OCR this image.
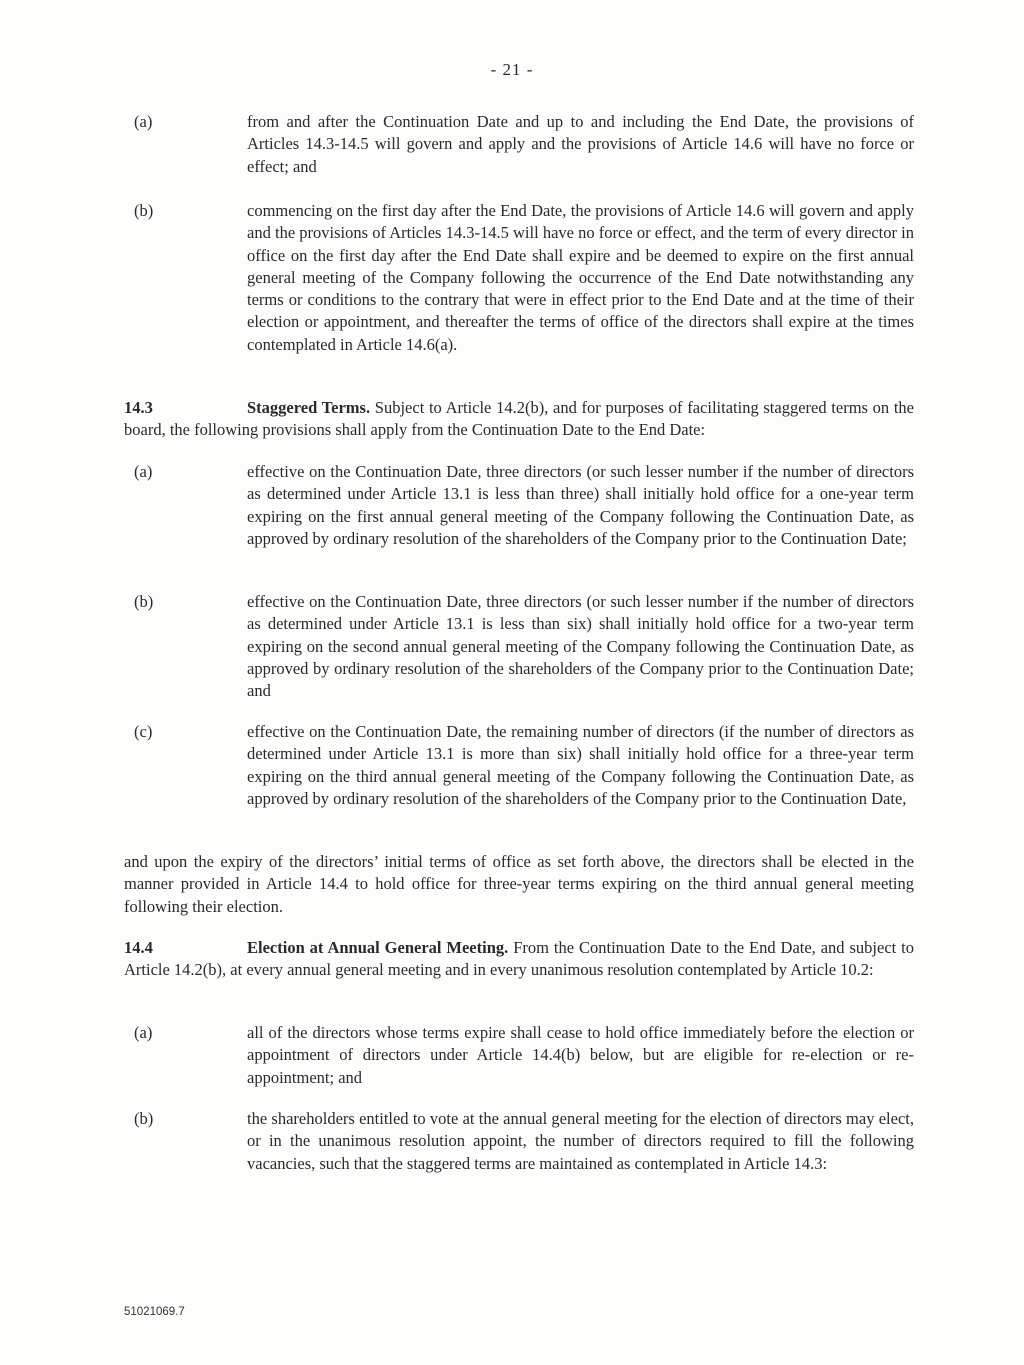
- 21 -
(a)	from and after the Continuation Date and up to and including the End Date, the provisions of Articles 14.3-14.5 will govern and apply and the provisions of Article 14.6 will have no force or effect; and
(b)	commencing on the first day after the End Date, the provisions of Article 14.6 will govern and apply and the provisions of Articles 14.3-14.5 will have no force or effect, and the term of every director in office on the first day after the End Date shall expire and be deemed to expire on the first annual general meeting of the Company following the occurrence of the End Date notwithstanding any terms or conditions to the contrary that were in effect prior to the End Date and at the time of their election or appointment, and thereafter the terms of office of the directors shall expire at the times contemplated in Article 14.6(a).
14.3	Staggered Terms. Subject to Article 14.2(b), and for purposes of facilitating staggered terms on the board, the following provisions shall apply from the Continuation Date to the End Date:
(a)	effective on the Continuation Date, three directors (or such lesser number if the number of directors as determined under Article 13.1 is less than three) shall initially hold office for a one-year term expiring on the first annual general meeting of the Company following the Continuation Date, as approved by ordinary resolution of the shareholders of the Company prior to the Continuation Date;
(b)	effective on the Continuation Date, three directors (or such lesser number if the number of directors as determined under Article 13.1 is less than six) shall initially hold office for a two-year term expiring on the second annual general meeting of the Company following the Continuation Date, as approved by ordinary resolution of the shareholders of the Company prior to the Continuation Date; and
(c)	effective on the Continuation Date, the remaining number of directors (if the number of directors as determined under Article 13.1 is more than six) shall initially hold office for a three-year term expiring on the third annual general meeting of the Company following the Continuation Date, as approved by ordinary resolution of the shareholders of the Company prior to the Continuation Date,
and upon the expiry of the directors’ initial terms of office as set forth above, the directors shall be elected in the manner provided in Article 14.4 to hold office for three-year terms expiring on the third annual general meeting following their election.
14.4	Election at Annual General Meeting. From the Continuation Date to the End Date, and subject to Article 14.2(b), at every annual general meeting and in every unanimous resolution contemplated by Article 10.2:
(a)	all of the directors whose terms expire shall cease to hold office immediately before the election or appointment of directors under Article 14.4(b) below, but are eligible for re-election or re-appointment; and
(b)	the shareholders entitled to vote at the annual general meeting for the election of directors may elect, or in the unanimous resolution appoint, the number of directors required to fill the following vacancies, such that the staggered terms are maintained as contemplated in Article 14.3:
51021069.7
